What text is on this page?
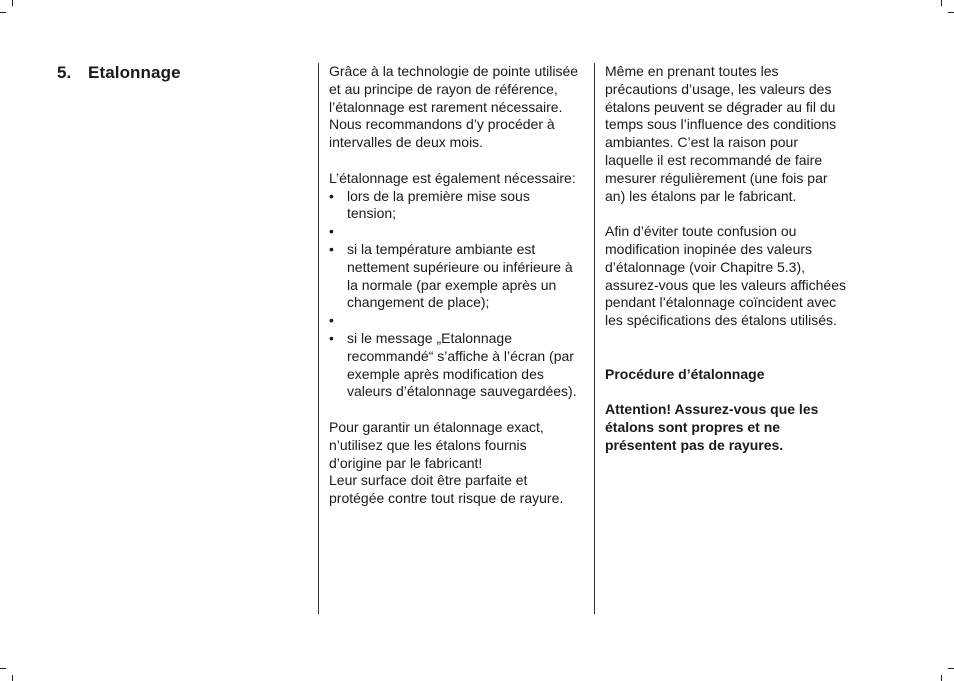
5. Etalonnage	Grâce à la technologie de pointe utilisée et au principe de rayon de référence, l’étalonnage est rarement nécessaire. Nous recommandons d’y procéder à intervalles de deux mois.

L’étalonnage est également nécessaire:

• lors de la première mise sous tension;
•
• si la température ambiante est nettement supérieure ou inférieure à la normale (par exemple après un changement de place);
•
• si le message „Etalonnage recommandé“ s’affiche à l’écran (par exemple après modification des valeurs d’étalonnage sauvegardées).

Pour garantir un étalonnage exact, n’utilisez que les étalons fournis d’origine par le fabricant!

Leur surface doit être parfaite et protégée contre tout risque de rayure.

Même en prenant toutes les précautions d’usage, les valeurs des étalons peuvent se dégrader au fil du temps sous l’influence des conditions ambiantes. C’est la raison pour laquelle il est recommandé de faire mesurer régulièrement (une fois par an) les étalons par le fabricant.

Afin d’éviter toute confusion ou modification inopinée des valeurs d’étalonnage (voir Chapitre 5.3), assurez-vous que les valeurs affichées pendant l’étalonnage coïncident avec les spécifications des étalons utilisés.

Procédure d’étalonnage

Attention! Assurez-vous que les étalons sont propres et ne présentent pas de rayures.
